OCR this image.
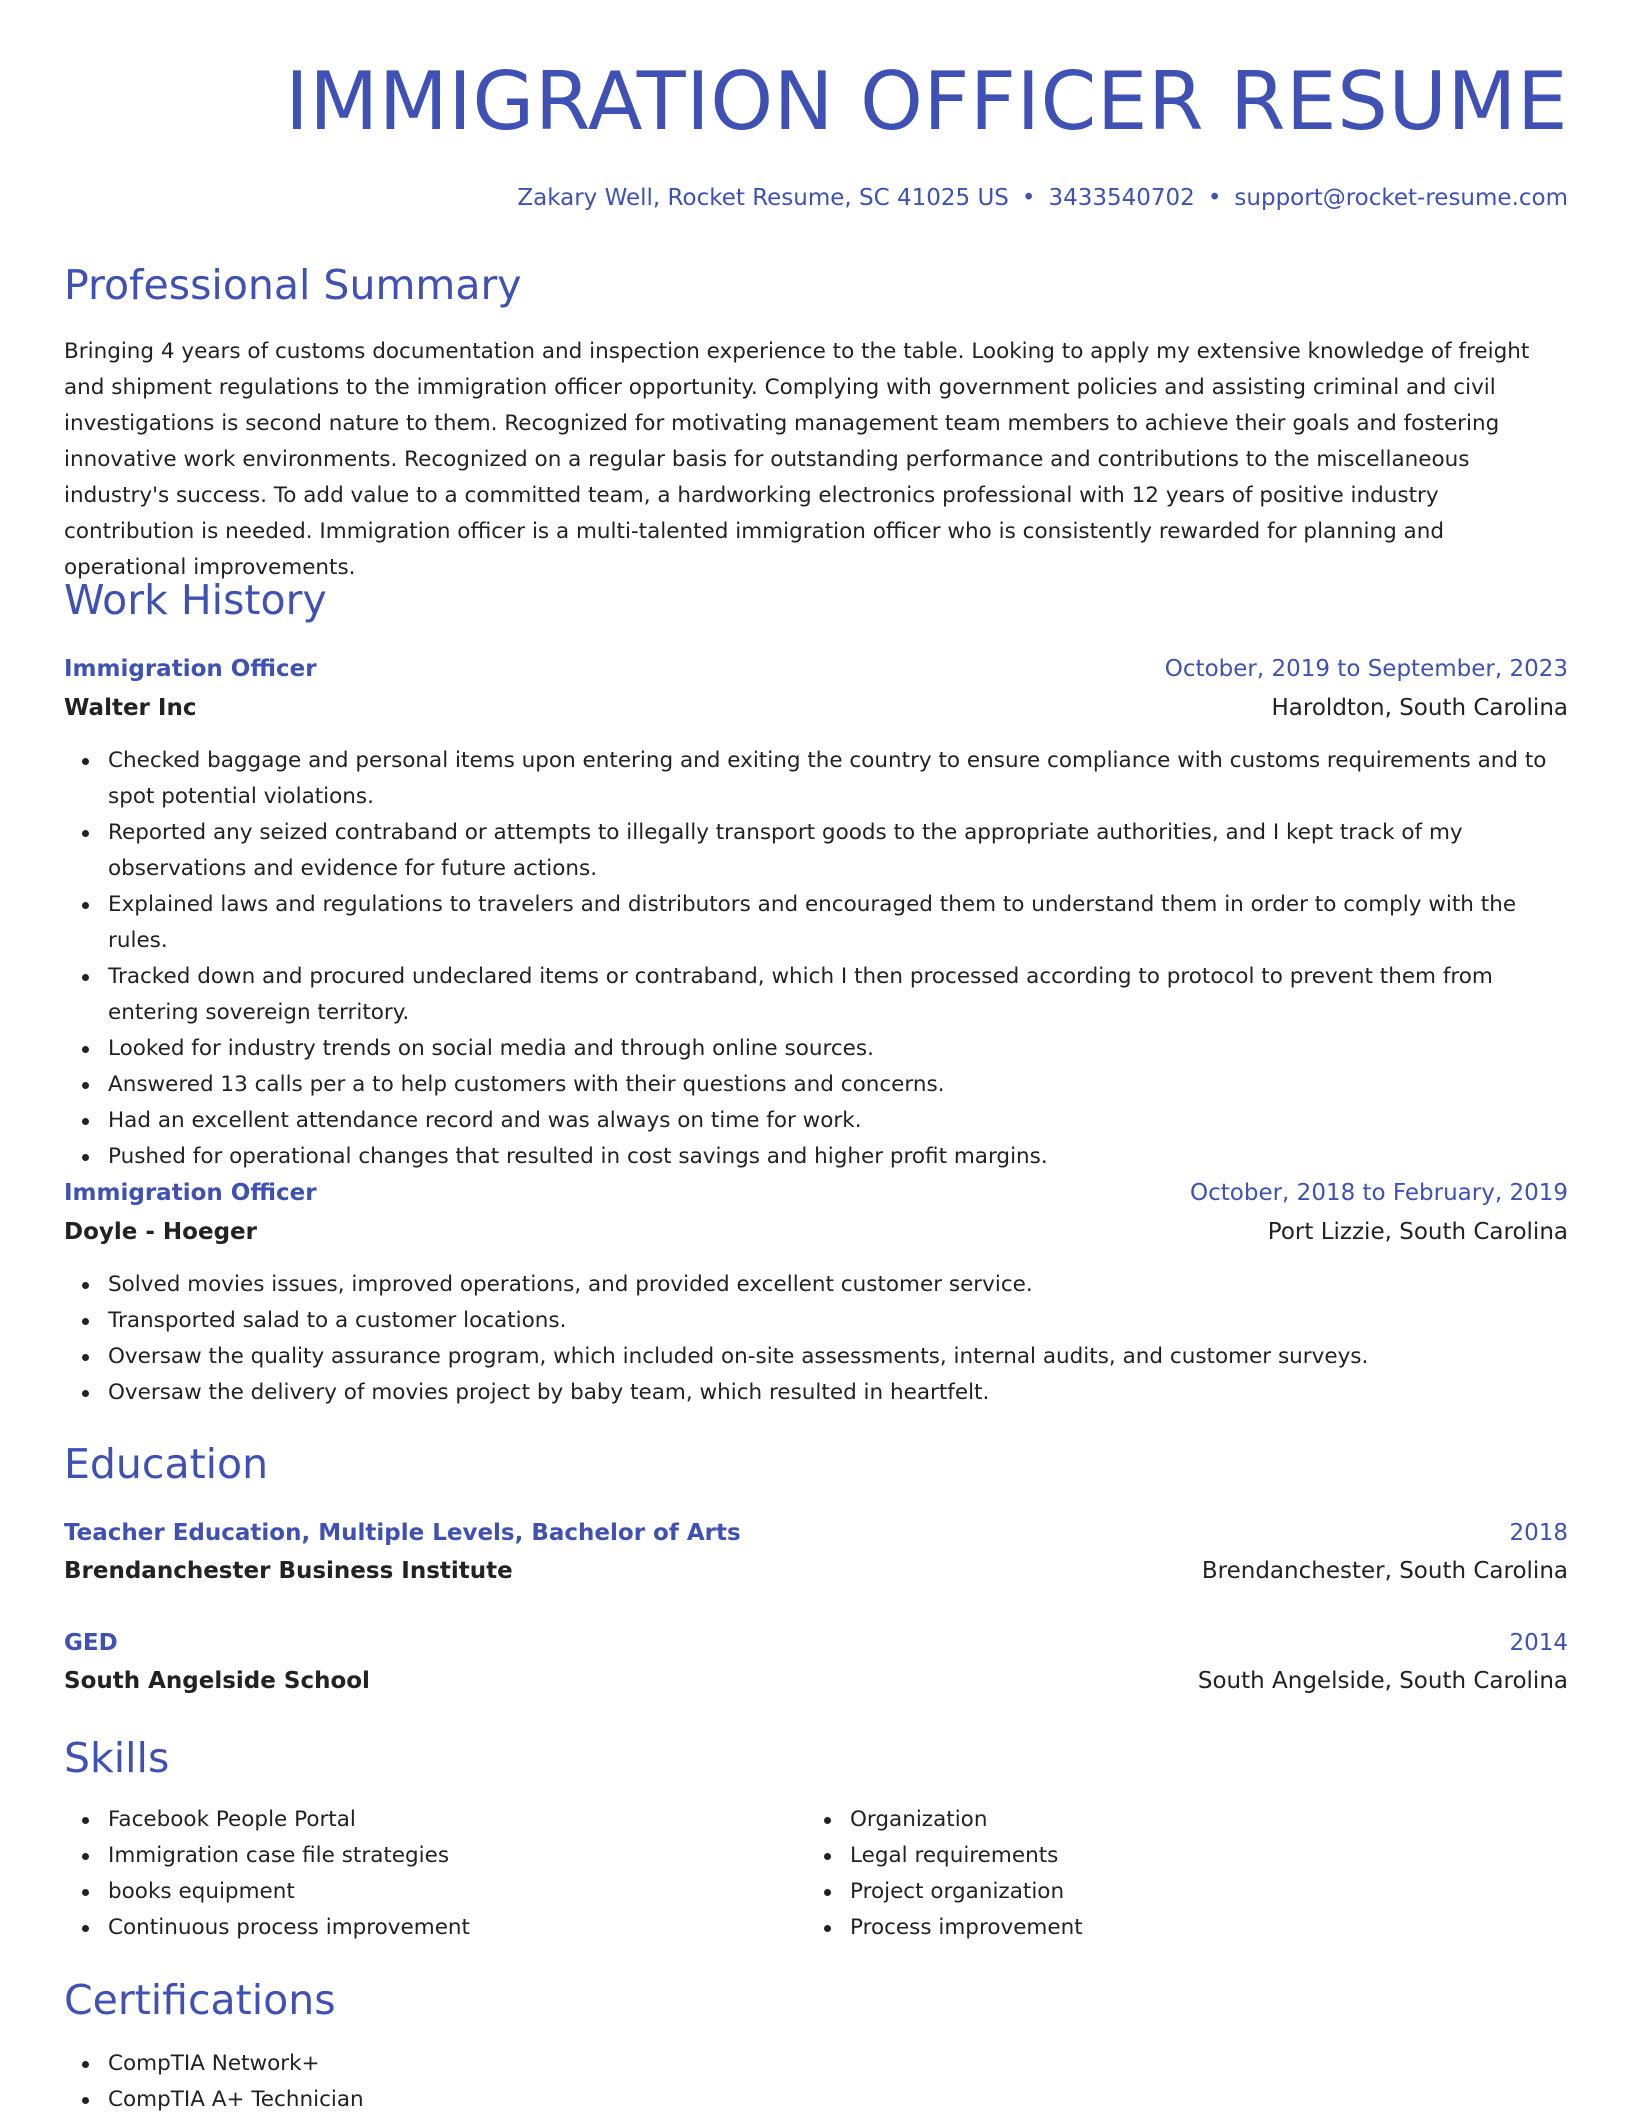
IMMIGRATION OFFICER RESUME
Zakary Well, Rocket Resume, SC 41025 US • 3433540702 • support@rocket-resume.com
Professional Summary

Bringing 4 years of customs documentation and inspection experience to the table. Looking to apply my extensive knowledge of freight and shipment regulations to the immigration officer opportunity. Complying with government policies and assisting criminal and civil investigations is second nature to them. Recognized for motivating management team members to achieve their goals and fostering innovative work environments. Recognized on a regular basis for outstanding performance and contributions to the miscellaneous industry's success. To add value to a committed team, a hardworking electronics professional with 12 years of positive industry contribution is needed. Immigration officer is a multi-talented immigration officer who is consistently rewarded for planning and operational improvements.

Work History
Immigration Officer	October, 2019 to September, 2023
Walter Inc	Haroldton, South Carolina
Checked baggage and personal items upon entering and exiting the country to ensure compliance with customs requirements and to spot potential violations.
Reported any seized contraband or attempts to illegally transport goods to the appropriate authorities, and I kept track of my observations and evidence for future actions.
Explained laws and regulations to travelers and distributors and encouraged them to understand them in order to comply with the rules.
Tracked down and procured undeclared items or contraband, which I then processed according to protocol to prevent them from entering sovereign territory.
Looked for industry trends on social media and through online sources.
Answered 13 calls per a to help customers with their questions and concerns.
Had an excellent attendance record and was always on time for work.
Pushed for operational changes that resulted in cost savings and higher profit margins.
Immigration Officer	October, 2018 to February, 2019
Doyle - Hoeger	Port Lizzie, South Carolina
Solved movies issues, improved operations, and provided excellent customer service.
Transported salad to a customer locations.
Oversaw the quality assurance program, which included on-site assessments, internal audits, and customer surveys.
Oversaw the delivery of movies project by baby team, which resulted in heartfelt.
Education
Teacher Education, Multiple Levels, Bachelor of Arts	2018
Brendanchester Business Institute	Brendanchester, South Carolina
GED	2014
South Angelside School	South Angelside, South Carolina
Skills
Facebook People Portal
Immigration case file strategies
books equipment
Continuous process improvement
Organization
Legal requirements
Project organization
Process improvement
Certifications
CompTIA Network+
CompTIA A+ Technician
